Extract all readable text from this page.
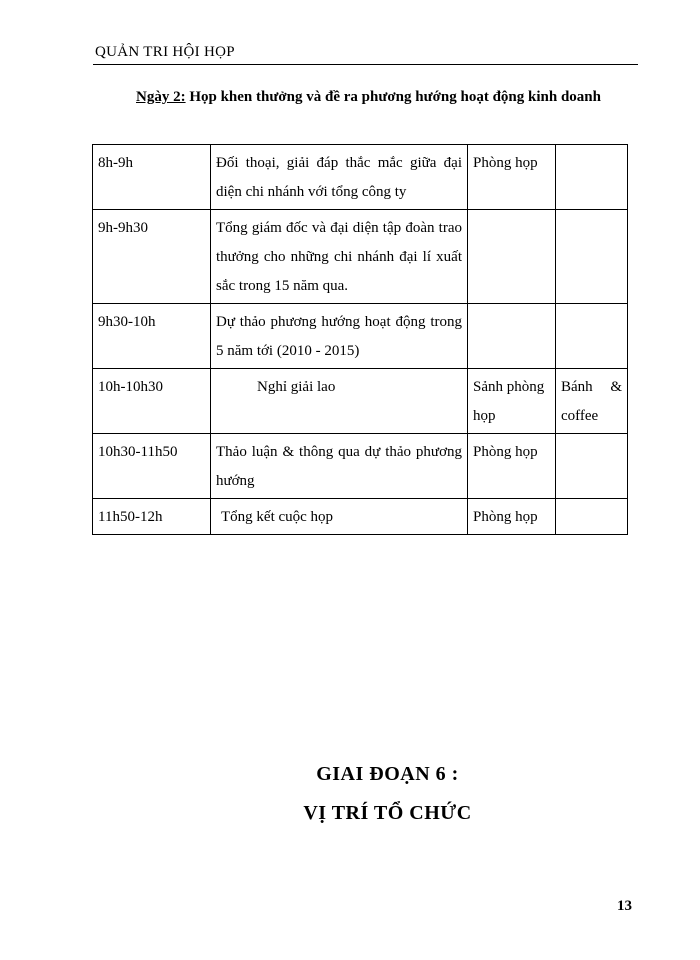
QUẢN TRI HỘI HỌP
Ngày 2: Họp khen thưởng và đề ra phương hướng hoạt động kinh doanh
8h-9h	Đối thoại, giải đáp thắc mắc giữa đại diện chi nhánh với tổng công ty	Phòng họp	
9h-9h30	Tổng giám đốc và đại diện tập đoàn trao thưởng cho những chi nhánh đại lí xuất sắc trong 15 năm qua.		
9h30-10h	Dự thảo phương hướng hoạt động trong 5 năm tới (2010 - 2015)		
10h-10h30	Nghỉ giải lao	Sảnh phòng họp	Bánh & coffee
10h30-11h50	Thảo luận & thông qua dự thảo phương hướng	Phòng họp	
11h50-12h	Tổng kết cuộc họp	Phòng họp	
GIAI ĐOẠN 6 :
VỊ TRÍ TỔ CHỨC
13
